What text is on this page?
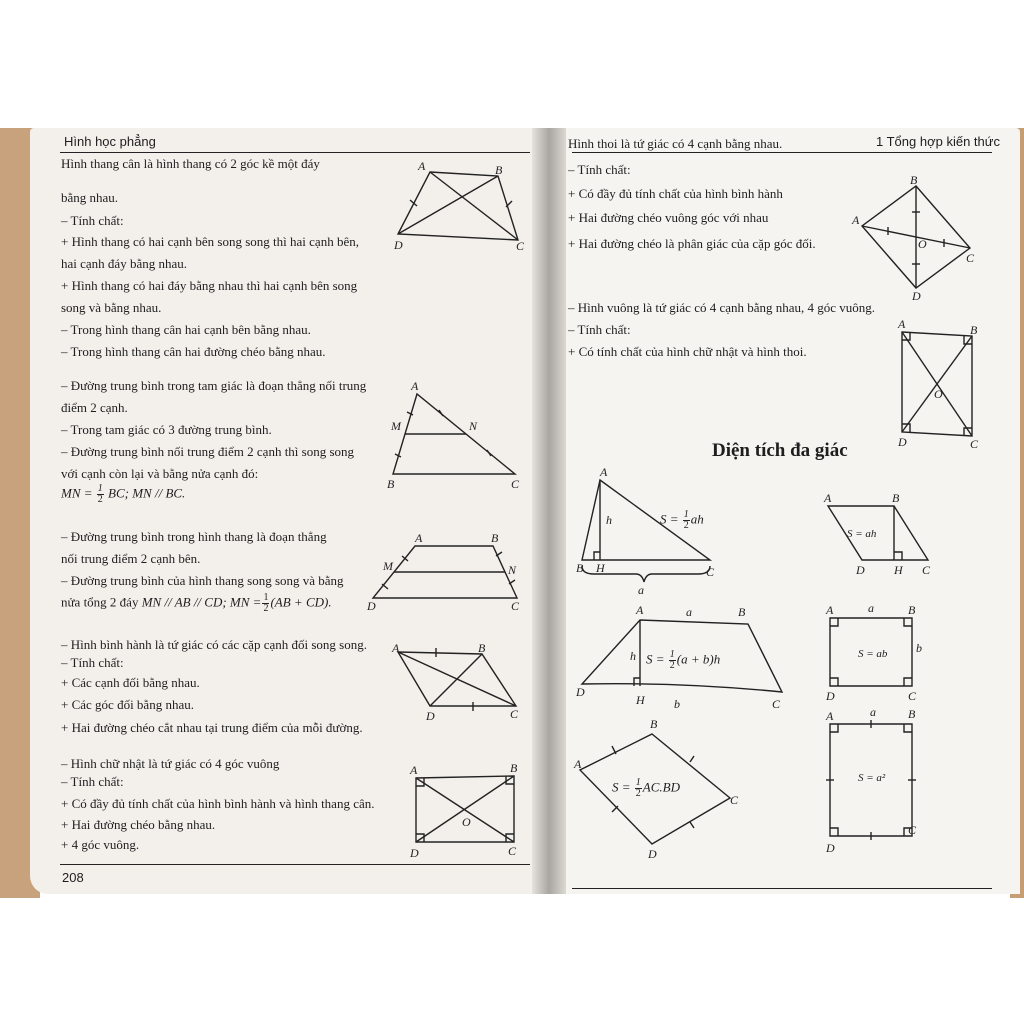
Hình học phẳng
Hình thang cân là hình thang có 2 góc kề một đáy
bằng nhau.
– Tính chất:
+ Hình thang có hai cạnh bên song song thì hai cạnh bên,
hai cạnh đáy bằng nhau.
+ Hình thang có hai đáy bằng nhau thì hai cạnh bên song
song và bằng nhau.
– Trong hình thang cân hai cạnh bên bằng nhau.
– Trong hình thang cân hai đường chéo bằng nhau.
– Đường trung bình trong tam giác là đoạn thẳng nối trung
điểm 2 cạnh.
– Trong tam giác có 3 đường trung bình.
– Đường trung bình nối trung điểm 2 cạnh thì song song
với cạnh còn lại và bằng nửa cạnh đó:
MN = $\frac{1}{2}$ BC; MN // BC.
– Đường trung bình trong hình thang là đoạn thẳng
nối trung điểm 2 cạnh bên.
– Đường trung bình của hình thang song song và bằng
nửa tổng 2 đáy MN // AB // CD; MN = $\frac{1}{2} (AB + CD)$.
– Hình bình hành là tứ giác có các cặp cạnh đối song song.
– Tính chất:
+ Các cạnh đối bằng nhau.
+ Các góc đối bằng nhau.
+ Hai đường chéo cắt nhau tại trung điểm của mỗi đường.
– Hình chữ nhật là tứ giác có 4 góc vuông
– Tính chất:
+ Có đầy đủ tính chất của hình bình hành và hình thang cân.
+ Hai đường chéo bằng nhau.
+ 4 góc vuông.
208
A	B
D	C
A
M	N
B	C
A	B
M	N
D	C
A	B
D	C
A	B
O
D	C
1 Tổng hợp kiến thức
Hình thoi là tứ giác có 4 cạnh bằng nhau.
– Tính chất:
+ Có đầy đủ tính chất của hình bình hành
+ Hai đường chéo vuông góc với nhau
+ Hai đường chéo là phân giác của cặp góc đối.
– Hình vuông là tứ giác có 4 cạnh bằng nhau, 4 góc vuông.
– Tính chất:
+ Có tính chất của hình chữ nhật và hình thoi.
Diện tích đa giác
B
A
O
C
D
A	B
O
D	C
A
h
B H	C
a
$S = \frac{1}{2}$ ah
A	B
D H C
S = ah
A	a	B
h
D
H b	C
$S = \frac{1}{2} (a + b)h$
A	a	B
b
D	C
S = ab
B
A
C
D
$S = \frac{1}{2} AC.BD$
A	a	B
D
C
S = a²
